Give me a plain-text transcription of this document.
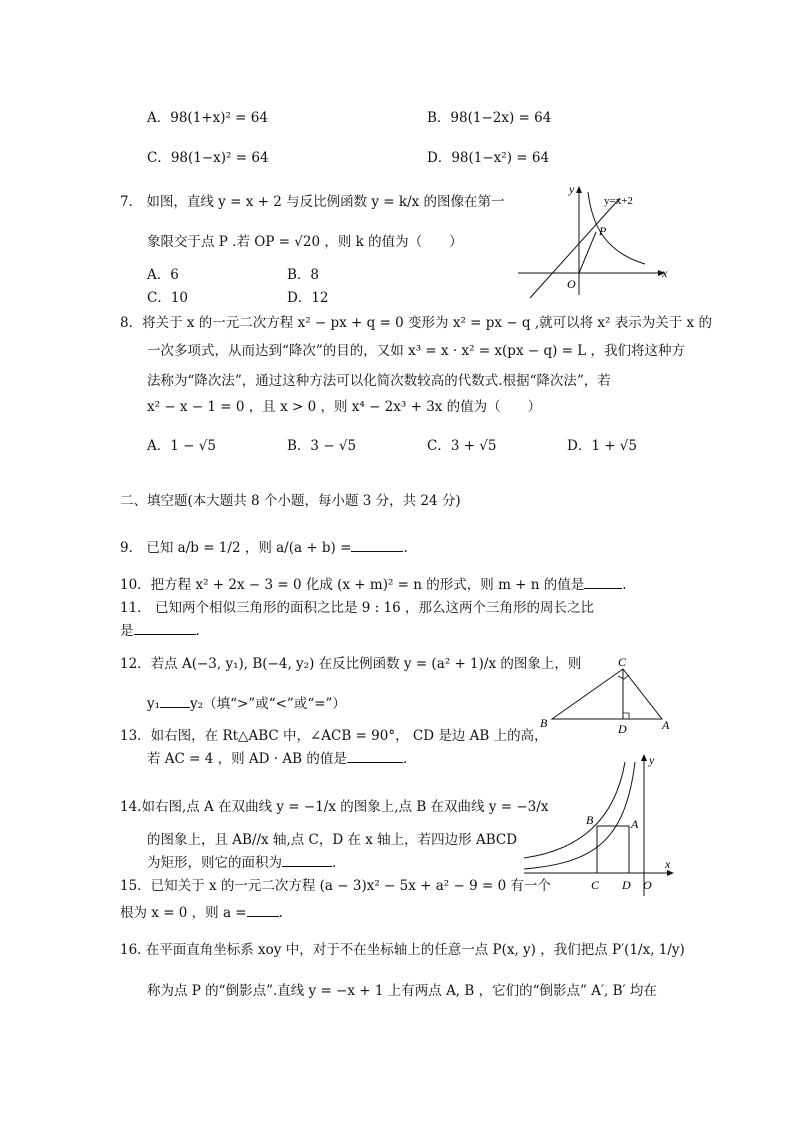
A．98(1+x)² = 64	B．98(1−2x) = 64
C．98(1−x)² = 64	D．98(1−x²) = 64
7． 如图，直线 y = x + 2 与反比例函数 y = k/x 的图像在第一
象限交于点 P .若 OP = √20 ，则 k 的值为（　　）
A．6	B．8
C．10	D．12
y
x
O
P
y=x+2
8．将关于 x 的一元二次方程 x² − px + q = 0 变形为 x² = px − q ,就可以将 x² 表示为关于 x 的
一次多项式，从而达到“降次”的目的，又如 x³ = x · x² = x(px − q) = L ，我们将这种方
法称为“降次法”，通过这种方法可以化简次数较高的代数式.根据“降次法”，若
x² − x − 1 = 0 ，且 x > 0 ，则 x⁴ − 2x³ + 3x 的值为（　　）
A．1 − √5	B．3 − √5	C．3 + √5	D．1 + √5
二、填空题(本大题共 8 个小题，每小题 3 分，共 24 分)
9． 已知 a/b = 1/2 ，则 a/(a + b) =	.
10．把方程 x² + 2x − 3 = 0 化成 (x + m)² = n 的形式，则 m + n 的值是	.
11． 已知两个相似三角形的面积之比是 9 : 16 ，那么这两个三角形的周长之比
是	.
12．若点 A(−3, y₁), B(−4, y₂) 在反比例函数 y = (a² + 1)/x 的图象上，则
y₁ y₂（填“>”或“<”或“=”）
C
B	A
D
13．如右图，在 Rt△ABC 中，∠ACB = 90°， CD 是边 AB 上的高，
若 AC = 4 ，则 AD · AB 的值是	.
14.如右图,点 A 在双曲线 y = −1/x 的图象上,点 B 在双曲线 y = −3/x
的图象上，且 AB//x 轴,点 C，D 在 x 轴上，若四边形 ABCD
为矩形，则它的面积为	.
y
x
B	A
C D O
15．已知关于 x 的一元二次方程 (a − 3)x² − 5x + a² − 9 = 0 有一个
根为 x = 0 ，则 a = .
16. 在平面直角坐标系 xoy 中，对于不在坐标轴上的任意一点 P(x, y) ，我们把点 P′(1/x, 1/y)
称为点 P 的“倒影点”.直线 y = −x + 1 上有两点 A, B ，它们的“倒影点” A′, B′ 均在
